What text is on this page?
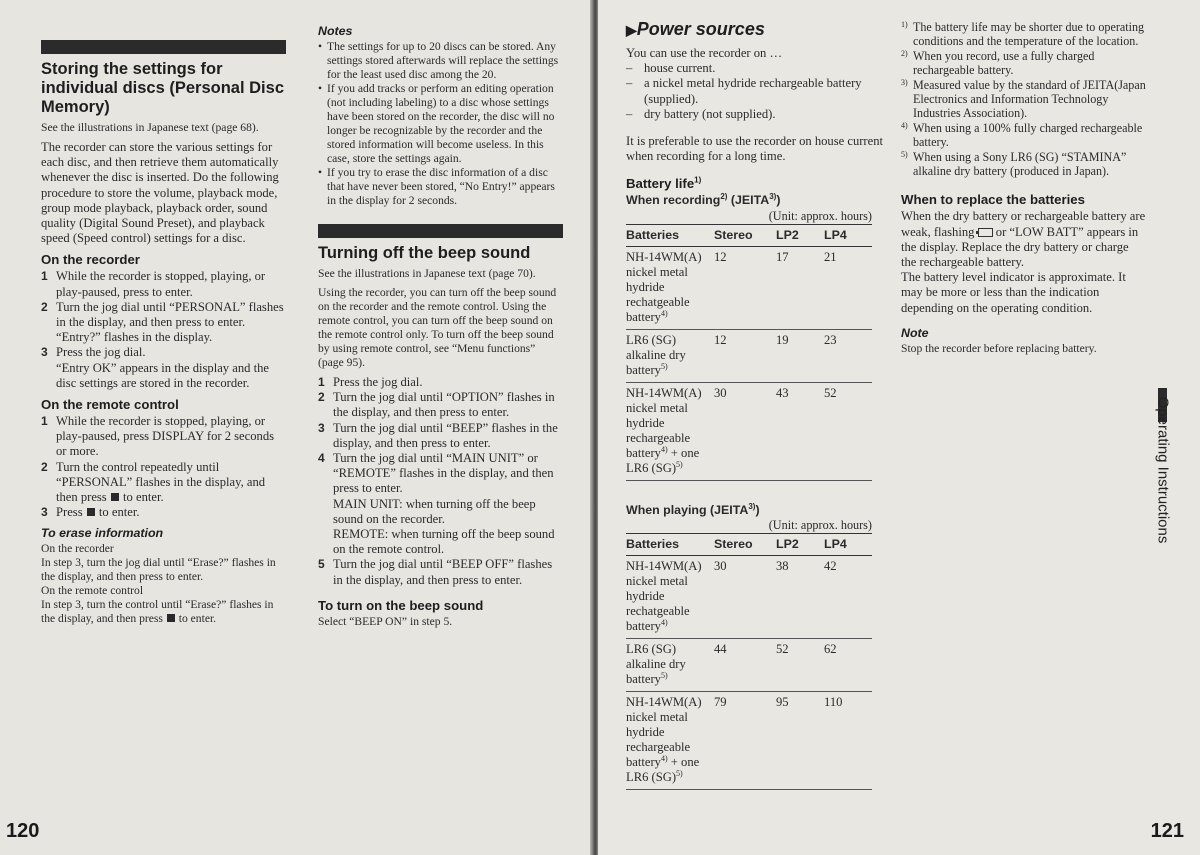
Storing the settings for individual discs (Personal Disc Memory)

See the illustrations in Japanese text (page 68).

The recorder can store the various settings for each disc, and then retrieve them automatically whenever the disc is inserted. Do the following procedure to store the volume, playback mode, group mode playback, playback order, sound quality (Digital Sound Preset), and playback speed (Speed control) settings for a disc.

On the recorder
1 While the recorder is stopped, playing, or play-paused, press to enter.
2 Turn the jog dial until “PERSONAL” flashes in the display, and then press to enter.
“Entry?” flashes in the display.
3 Press the jog dial.
“Entry OK” appears in the display and the disc settings are stored in the recorder.
On the remote control
1 While the recorder is stopped, playing, or play-paused, press DISPLAY for 2 seconds or more.
2 Turn the control repeatedly until “PERSONAL” flashes in the display, and then press to enter.
3 Press to enter.
To erase information
On the recorder
In step 3, turn the jog dial until “Erase?” flashes in the display, and then press to enter.
On the remote control
In step 3, turn the control until “Erase?” flashes in the display, and then press to enter.
Notes
• The settings for up to 20 discs can be stored. Any settings stored afterwards will replace the settings for the least used disc among the 20.
• If you add tracks or perform an editing operation (not including labeling) to a disc whose settings have been stored on the recorder, the disc will no longer be recognizable by the recorder and the stored information will become useless. In this case, store the settings again.
• If you try to erase the disc information of a disc that have never been stored, “No Entry!” appears in the display for 2 seconds.
Turning off the beep sound

See the illustrations in Japanese text (page 70).

Using the recorder, you can turn off the beep sound on the recorder and the remote control. Using the remote control, you can turn off the beep sound on the remote control only. To turn off the beep sound by using remote control, see “Menu functions” (page 95).

1 Press the jog dial.
2 Turn the jog dial until “OPTION” flashes in the display, and then press to enter.
3 Turn the jog dial until “BEEP” flashes in the display, and then press to enter.
4 Turn the jog dial until “MAIN UNIT” or “REMOTE” flashes in the display, and then press to enter.
MAIN UNIT: when turning off the beep sound on the recorder.
REMOTE: when turning off the beep sound on the remote control.
5 Turn the jog dial until “BEEP OFF” flashes in the display, and then press to enter.
To turn on the beep sound
Select “BEEP ON” in step 5.
120
▶Power sources
You can use the recorder on …
– house current.
– a nickel metal hydride rechargeable battery (supplied).
– dry battery (not supplied).

It is preferable to use the recorder on house current when recording for a long time.

Battery life$^{1)}$
When recording$^{2)}$ (JEITA$^{3)}$)
(Unit: approx. hours)
Batteries	Stereo	LP2	LP4
NH-14WM(A) nickel metal hydride rechatgeable battery$^{4)}$	12	17	21
LR6 (SG) alkaline dry battery$^{5)}$	12	19	23
NH-14WM(A) nickel metal hydride rechargeable battery$^{4)}$ + one LR6 (SG)$^{5)}$	30	43	52
When playing (JEITA$^{3)}$)
(Unit: approx. hours)
Batteries	Stereo	LP2	LP4
NH-14WM(A) nickel metal hydride rechatgeable battery$^{4)}$	30	38	42
LR6 (SG) alkaline dry battery$^{5)}$	44	52	62
NH-14WM(A) nickel metal hydride rechargeable battery$^{4)}$ + one LR6 (SG)$^{5)}$	79	95	110
1) The battery life may be shorter due to operating conditions and the temperature of the location.
2) When you record, use a fully charged rechargeable battery.
3) Measured value by the standard of JEITA(Japan Electronics and Information Technology Industries Association).
4) When using a 100% fully charged rechargeable battery.
5) When using a Sony LR6 (SG) “STAMINA” alkaline dry battery (produced in Japan).
When to replace the batteries
When the dry battery or rechargeable battery are weak, flashing or “LOW BATT” appears in the display. Replace the dry battery or charge the rechargeable battery.
The battery level indicator is approximate. It may be more or less than the indication depending on the operating condition.
Note
Stop the recorder before replacing battery.
121
Operating Instructions
